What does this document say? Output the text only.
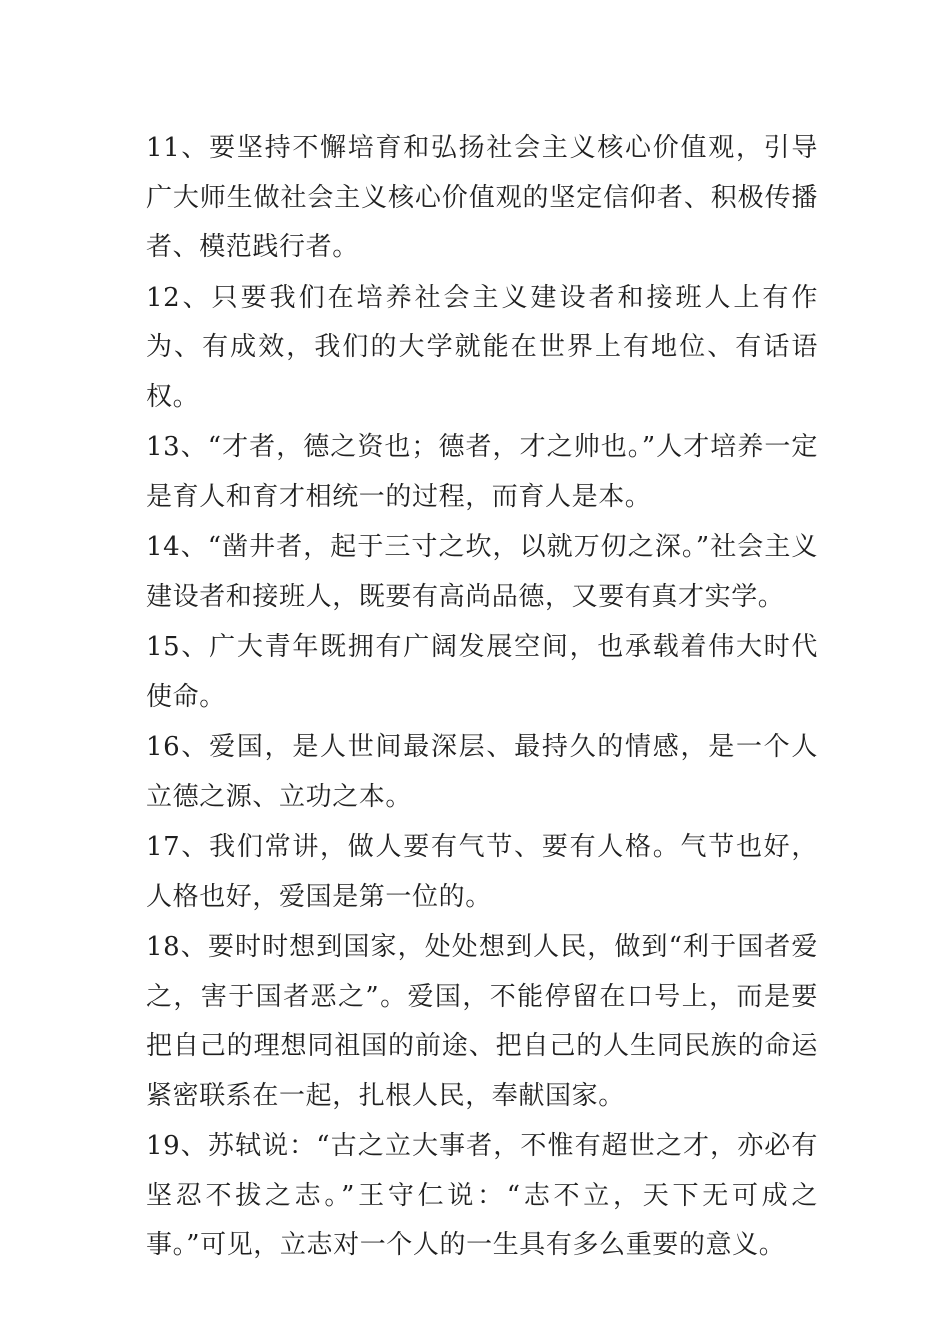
11、要坚持不懈培育和弘扬社会主义核心价值观，引导广大师生做社会主义核心价值观的坚定信仰者、积极传播者、模范践行者。

12、只要我们在培养社会主义建设者和接班人上有作为、有成效，我们的大学就能在世界上有地位、有话语权。

13、“才者，德之资也；德者，才之帅也。”人才培养一定是育人和育才相统一的过程，而育人是本。

14、“凿井者，起于三寸之坎，以就万仞之深。”社会主义建设者和接班人，既要有高尚品德，又要有真才实学。

15、广大青年既拥有广阔发展空间，也承载着伟大时代使命。

16、爱国，是人世间最深层、最持久的情感，是一个人立德之源、立功之本。

17、我们常讲，做人要有气节、要有人格。气节也好，人格也好，爱国是第一位的。

18、要时时想到国家，处处想到人民，做到“利于国者爱之，害于国者恶之”。爱国，不能停留在口号上，而是要把自己的理想同祖国的前途、把自己的人生同民族的命运紧密联系在一起，扎根人民，奉献国家。

19、苏轼说：“古之立大事者，不惟有超世之才，亦必有坚忍不拔之志。”王守仁说：“志不立，天下无可成之事。”可见，立志对一个人的一生具有多么重要的意义。
